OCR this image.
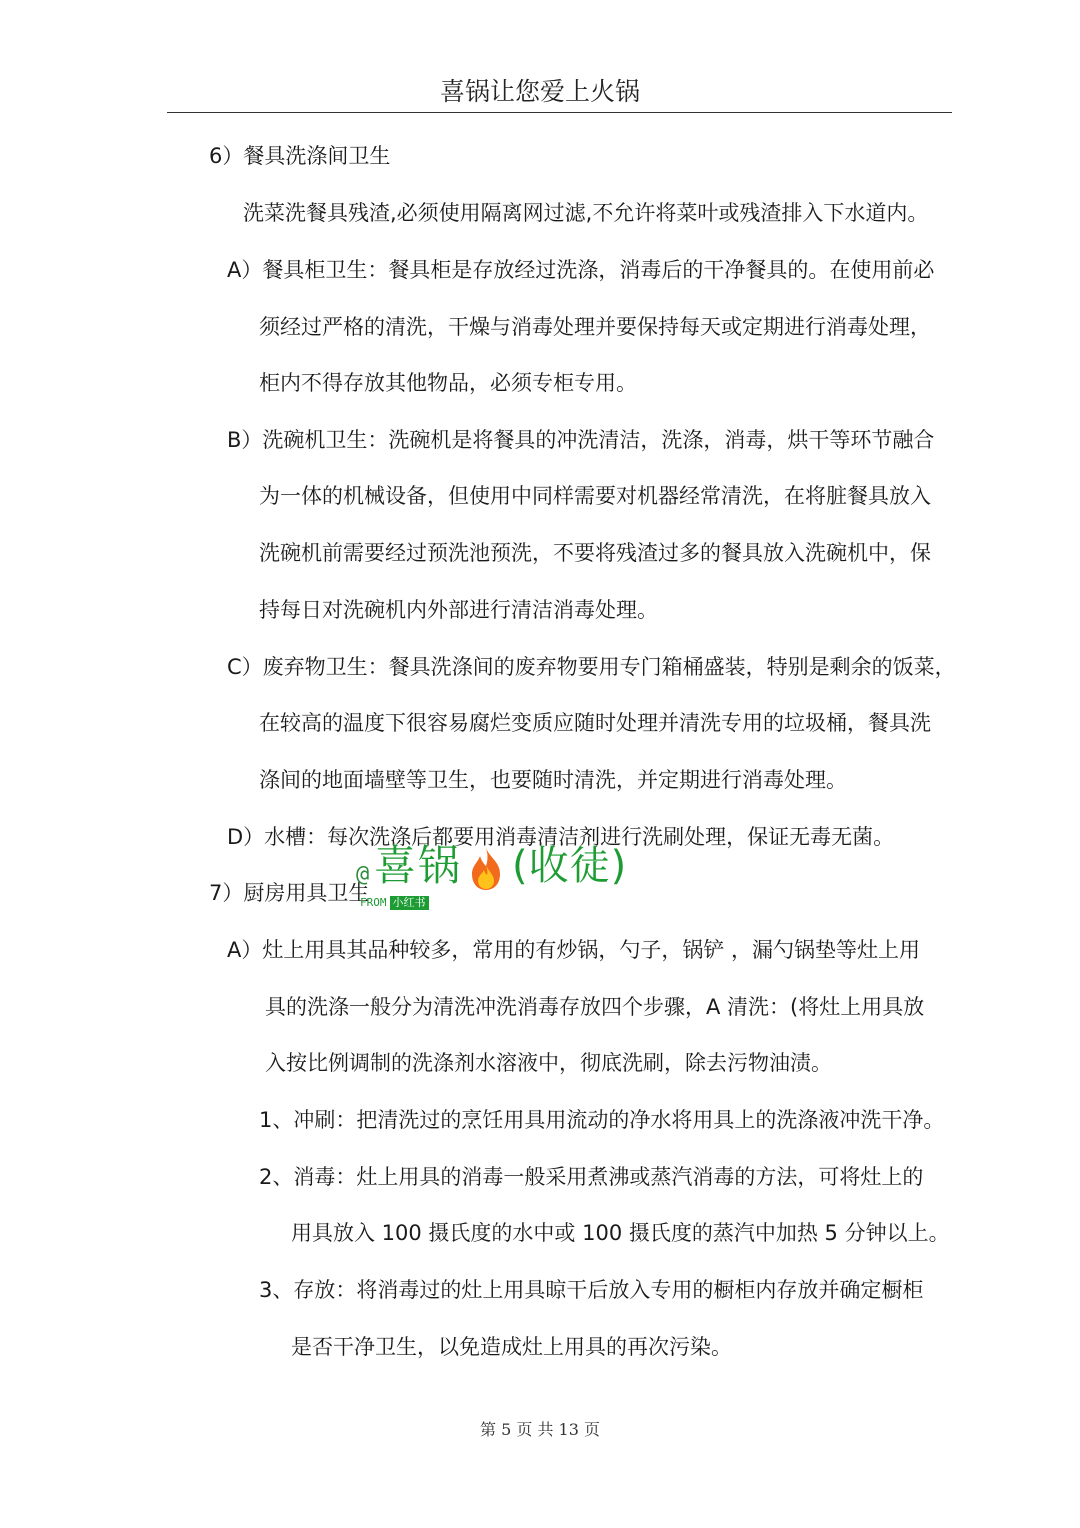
喜锅让您爱上火锅
6）餐具洗涤间卫生
洗菜洗餐具残渣,必须使用隔离网过滤,不允许将菜叶或残渣排入下水道内。
A）餐具柜卫生：餐具柜是存放经过洗涤，消毒后的干净餐具的。在使用前必
须经过严格的清洗，干燥与消毒处理并要保持每天或定期进行消毒处理，
柜内不得存放其他物品，必须专柜专用。
B）洗碗机卫生：洗碗机是将餐具的冲洗清洁，洗涤，消毒，烘干等环节融合
为一体的机械设备，但使用中同样需要对机器经常清洗，在将脏餐具放入
洗碗机前需要经过预洗池预洗，不要将残渣过多的餐具放入洗碗机中，保
持每日对洗碗机内外部进行清洁消毒处理。
C）废弃物卫生：餐具洗涤间的废弃物要用专门箱桶盛装，特别是剩余的饭菜，
在较高的温度下很容易腐烂变质应随时处理并清洗专用的垃圾桶，餐具洗
涤间的地面墙壁等卫生，也要随时清洗，并定期进行消毒处理。
D）水槽：每次洗涤后都要用消毒清洁剂进行洗刷处理，保证无毒无菌。
7）厨房用具卫生
A）灶上用具其品种较多，常用的有炒锅，勺子，锅铲 ，漏勺锅垫等灶上用
具的洗涤一般分为清洗冲洗消毒存放四个步骤，A 清洗：(将灶上用具放
入按比例调制的洗涤剂水溶液中，彻底洗刷，除去污物油渍。
1、冲刷：把清洗过的烹饪用具用流动的净水将用具上的洗涤液冲洗干净。
2、消毒：灶上用具的消毒一般采用煮沸或蒸汽消毒的方法，可将灶上的
用具放入 100 摄氏度的水中或 100 摄氏度的蒸汽中加热 5 分钟以上。
3、存放：将消毒过的灶上用具晾干后放入专用的橱柜内存放并确定橱柜
是否干净卫生，以免造成灶上用具的再次污染。
@ 喜锅 (收徒)
FROM 小红书
第 5 页 共 13 页
